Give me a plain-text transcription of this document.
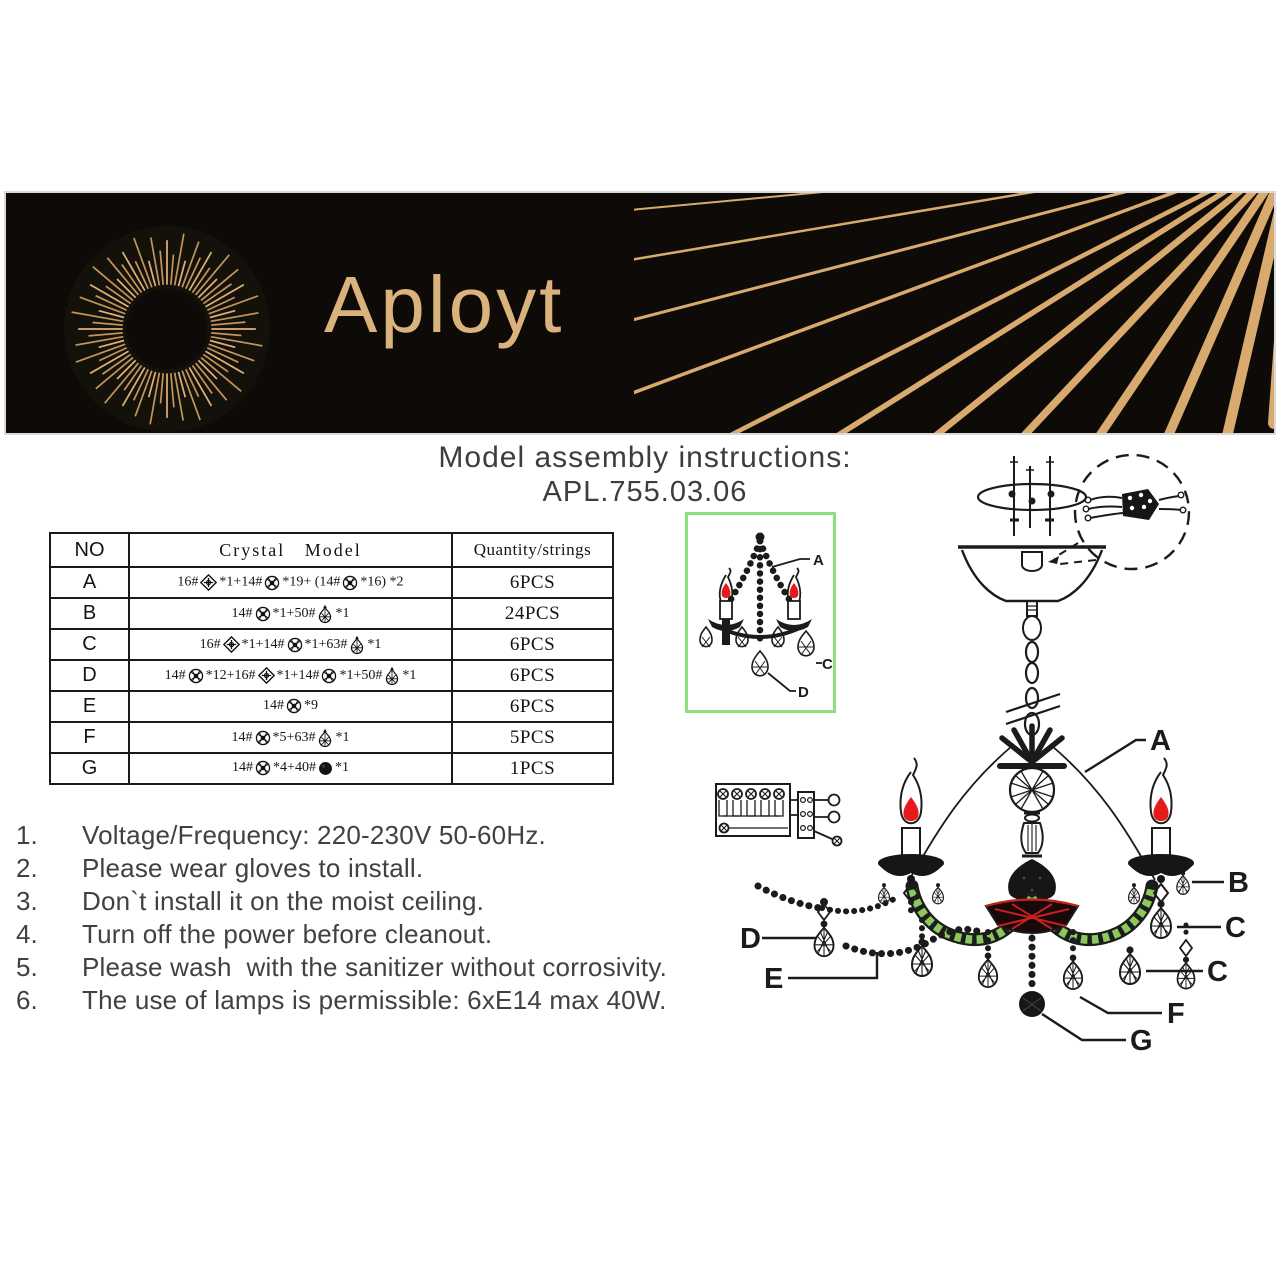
Aployt
Model assembly instructions:
APL.755.03.06
NO	Crystal   Model	Quantity/strings
A	16# *1+14# *19+ (14# *16) *2	6PCS
B	14# *1+50# *1	24PCS
C	16# *1+14# *1+63# *1	6PCS
D	14# *12+16# *1+14# *1+50# *1	6PCS
E	14# *9	6PCS
F	14# *5+63# *1	5PCS
G	14# *4+40# *1	1PCS
A
C
D
A
B
C
C
D
E
F
G
1. Voltage/Frequency: 220-230V 50-60Hz.
2. Please wear gloves to install.
3. Don`t install it on the moist ceiling.
4. Turn off the power before cleanout.
5. Please wash  with the sanitizer without corrosivity.
6. The use of lamps is permissible: 6xE14 max 40W.
